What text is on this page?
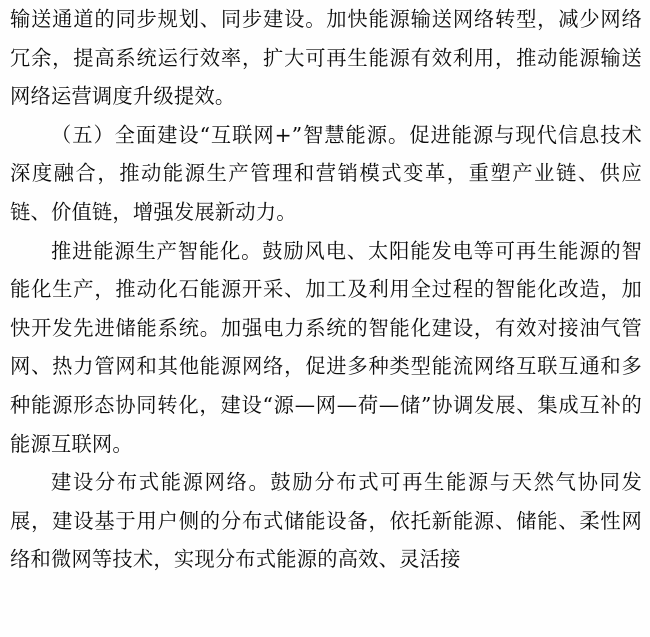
输送通道的同步规划、同步建设。加快能源输送网络转型，减少网络冗余，提高系统运行效率，扩大可再生能源有效利用，推动能源输送网络运营调度升级提效。

（五）全面建设“互联网+”智慧能源。促进能源与现代信息技术深度融合，推动能源生产管理和营销模式变革，重塑产业链、供应链、价值链，增强发展新动力。

推进能源生产智能化。鼓励风电、太阳能发电等可再生能源的智能化生产，推动化石能源开采、加工及利用全过程的智能化改造，加快开发先进储能系统。加强电力系统的智能化建设，有效对接油气管网、热力管网和其他能源网络，促进多种类型能流网络互联互通和多种能源形态协同转化，建设“源—网—荷—储”协调发展、集成互补的能源互联网。

建设分布式能源网络。鼓励分布式可再生能源与天然气协同发展，建设基于用户侧的分布式储能设备，依托新能源、储能、柔性网络和微网等技术，实现分布式能源的高效、灵活接
